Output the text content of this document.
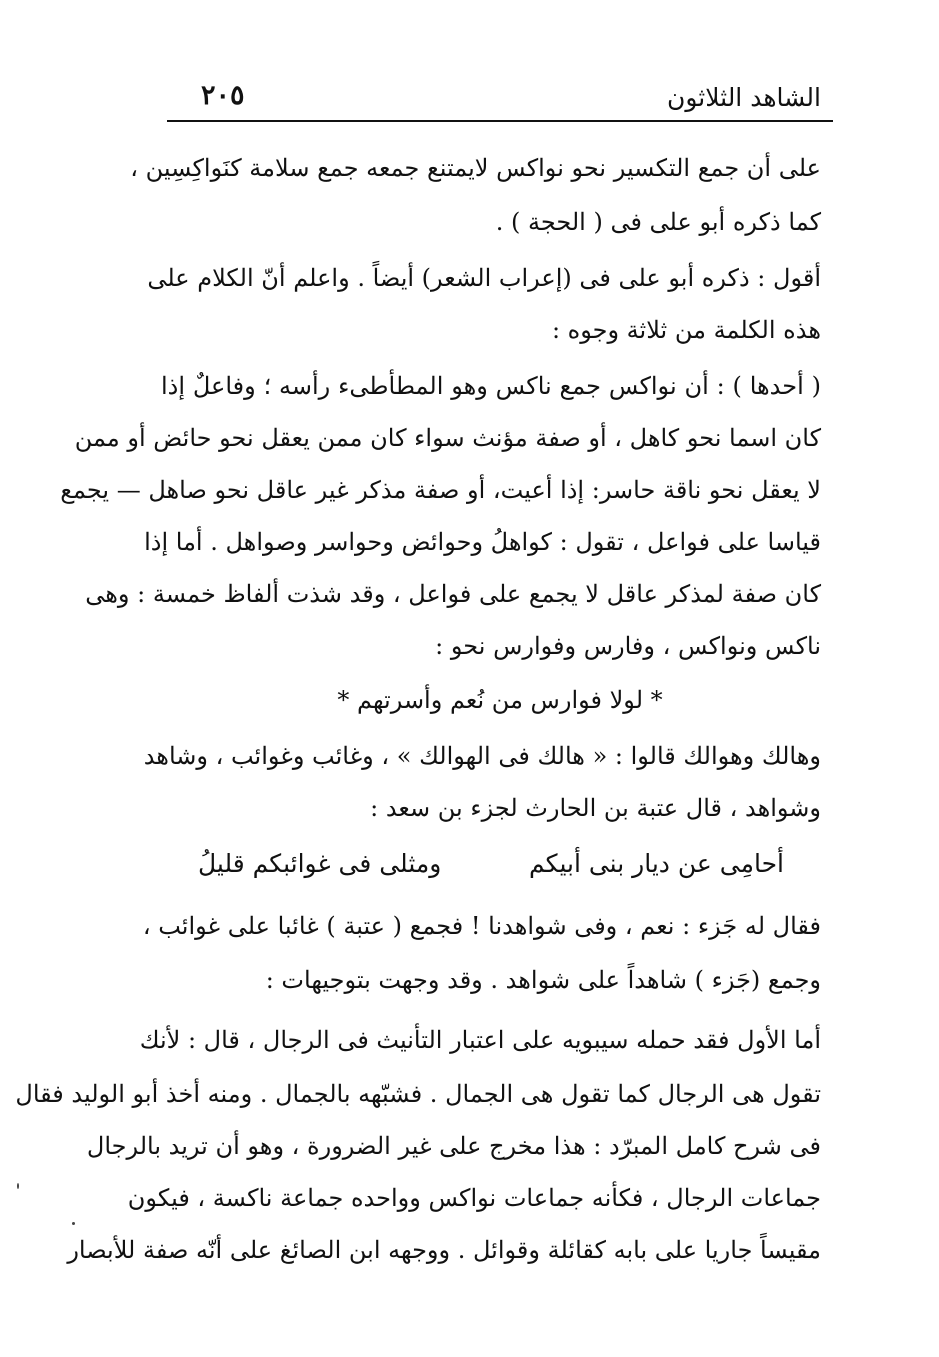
الشاهد الثلاثون
٢٠٥
على أن جمع التكسير نحو نواكس لايمتنع جمعه جمع سلامة كنَواكِسِين ،
كما ذكره أبو على فى ( الحجة ) .
أقول : ذكره أبو على فى (إعراب الشعر) أيضاً . واعلم أنّ الكلام على
هذه الكلمة من ثلاثة وجوه :
( أحدها ) : أن نواكس جمع ناكس وهو المطأطىء رأسه ؛ وفاعلٌ إذا
كان اسما نحو كاهل ، أو صفة مؤنث سواء كان ممن يعقل نحو حائض أو ممن
لا يعقل نحو ناقة حاسر: إذا أعيت، أو صفة مذكر غير عاقل نحو صاهل — يجمع
قياسا على فواعل ، تقول : كواهلُ وحوائض وحواسر وصواهل . أما إذا
كان صفة لمذكر عاقل لا يجمع على فواعل ، وقد شذت ألفاظ خمسة : وهى
ناكس ونواكس ، وفارس وفوارس نحو :
* لولا فوارس من نُعم وأسرتهم *
وهالك وهوالك قالوا : « هالك فى الهوالك » ، وغائب وغوائب ، وشاهد
وشواهد ، قال عتبة بن الحارث لجزء بن سعد :
أحامِى عن ديار بنى أبيكم
ومثلى فى غوائبكم قليلُ
فقال له جَزء : نعم ، وفى شواهدنا ! فجمع ( عتبة ) غائبا على غوائب ،
وجمع (جَزء ) شاهداً على شواهد . وقد وجهت بتوجيهات :
أما الأول فقد حمله سيبويه على اعتبار التأنيث فى الرجال ، قال : لأنك
تقول هى الرجال كما تقول هى الجمال . فشبّهه بالجمال . ومنه أخذ أبو الوليد فقال
فى شرح كامل المبرّد : هذا مخرج على غير الضرورة ، وهو أن تريد بالرجال
جماعات الرجال ، فكأنه جماعات نواكس وواحده جماعة ناكسة ، فيكون
مقيساً جاريا على بابه كقائلة وقوائل . ووجهه ابن الصائغ على أنّه صفة للأبصار
